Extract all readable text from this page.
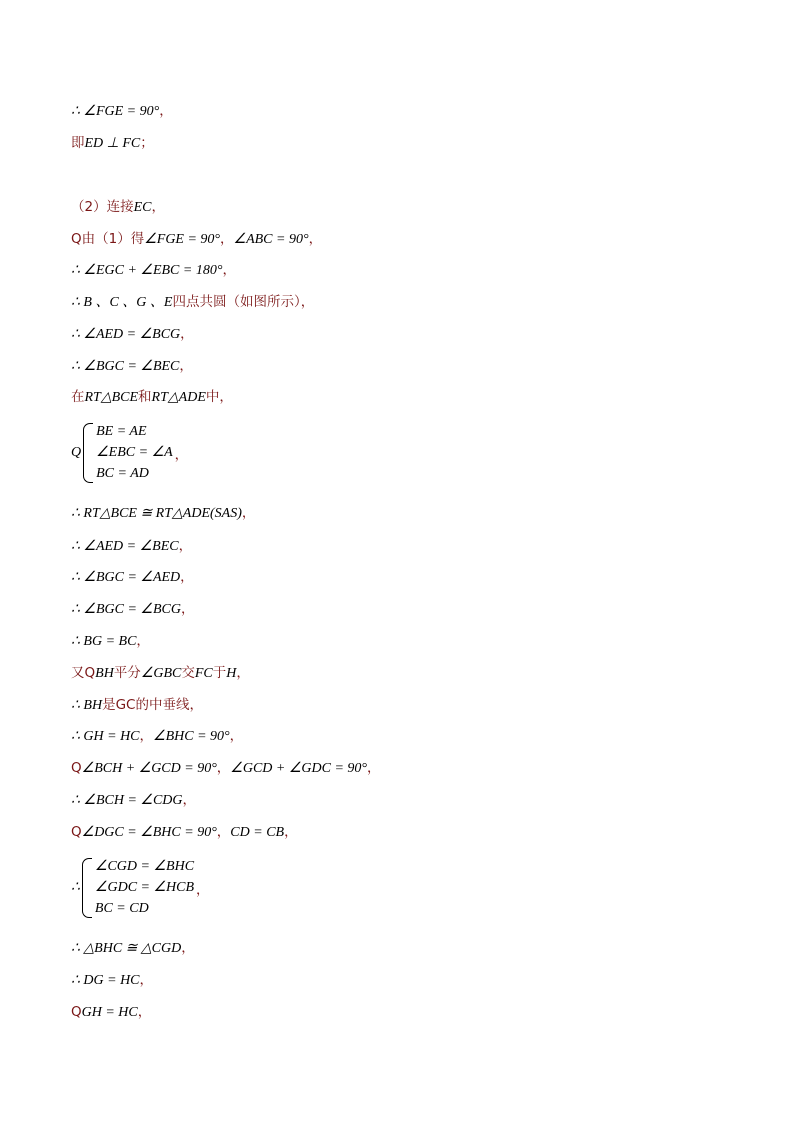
∴ ∠FGE = 90°，
即ED ⊥ FC；
（2）连接EC，
Q由（1）得∠FGE = 90°，∠ABC = 90°，
∴ ∠EGC + ∠EBC = 180°，
∴ B 、C 、G 、E四点共圆（如图所示），
∴ ∠AED = ∠BCG，
∴ ∠BGC = ∠BEC，
在RT△BCE和RT△ADE中，
Q
BE = AE
∠EBC = ∠A
BC = AD
，
∴ RT△BCE ≅ RT△ADE(SAS)，
∴ ∠AED = ∠BEC，
∴ ∠BGC = ∠AED，
∴ ∠BGC = ∠BCG，
∴ BG = BC，
又QBH平分∠GBC交FC于H，
∴ BH是GC的中垂线，
∴ GH = HC，∠BHC = 90°，
Q∠BCH + ∠GCD = 90°，∠GCD + ∠GDC = 90°，
∴ ∠BCH = ∠CDG，
Q∠DGC = ∠BHC = 90°，CD = CB，
∴
∠CGD = ∠BHC
∠GDC = ∠HCB
BC = CD
，
∴ △BHC ≅ △CGD，
∴ DG = HC，
QGH = HC，
